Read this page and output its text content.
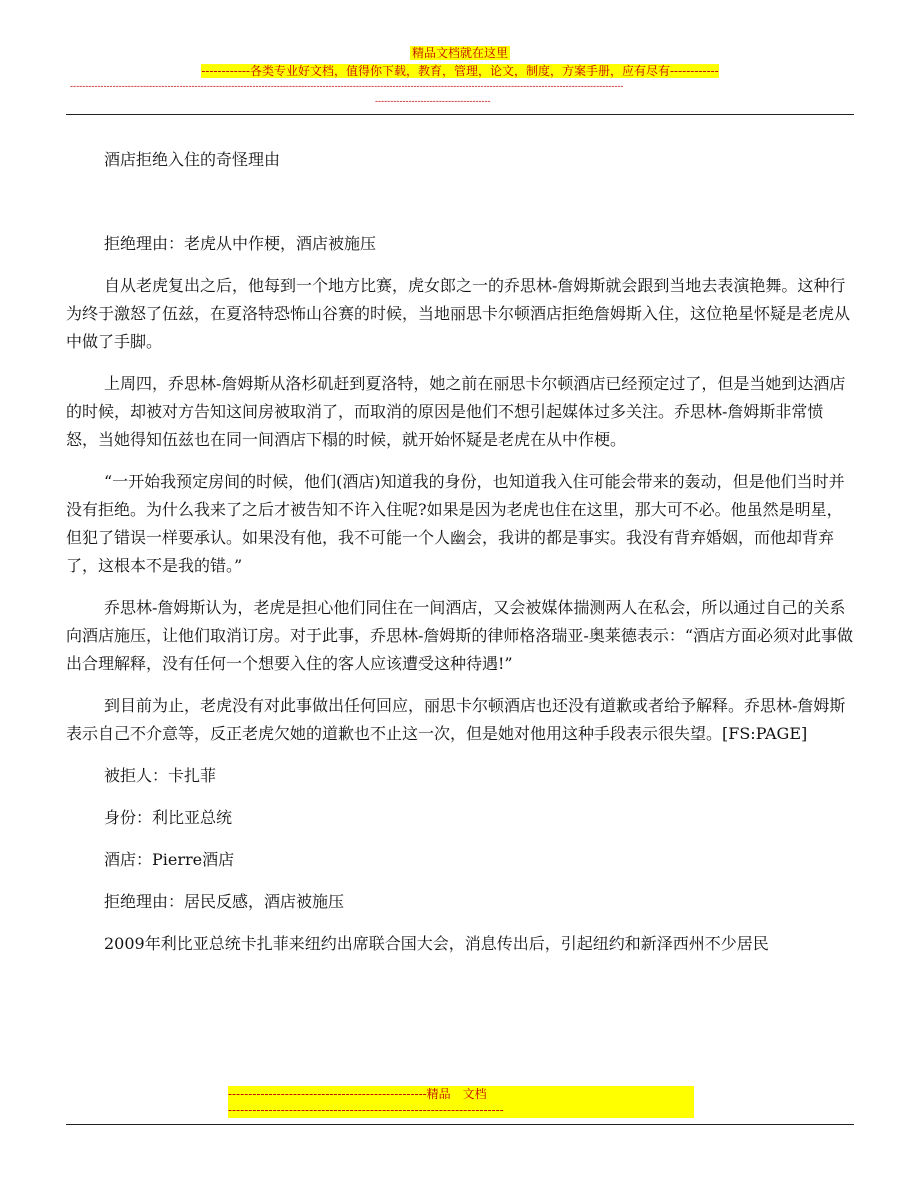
精品文档就在这里
------------各类专业好文档，值得你下载，教育，管理，论文，制度，方案手册，应有尽有------------
--------------------------------------------------------------------------------------------------------------------------------------------------------------------------------------
--------------------------------------

酒店拒绝入住的奇怪理由

拒绝理由：老虎从中作梗，酒店被施压

自从老虎复出之后，他每到一个地方比赛，虎女郎之一的乔思林-詹姆斯就会跟到当地去表演艳舞。这种行为终于激怒了伍兹，在夏洛特恐怖山谷赛的时候，当地丽思卡尔顿酒店拒绝詹姆斯入住，这位艳星怀疑是老虎从中做了手脚。

上周四，乔思林-詹姆斯从洛杉矶赶到夏洛特，她之前在丽思卡尔顿酒店已经预定过了，但是当她到达酒店的时候，却被对方告知这间房被取消了，而取消的原因是他们不想引起媒体过多关注。乔思林-詹姆斯非常愤怒，当她得知伍兹也在同一间酒店下榻的时候，就开始怀疑是老虎在从中作梗。

“一开始我预定房间的时候，他们(酒店)知道我的身份，也知道我入住可能会带来的轰动，但是他们当时并没有拒绝。为什么我来了之后才被告知不许入住呢?如果是因为老虎也住在这里，那大可不必。他虽然是明星，但犯了错误一样要承认。如果没有他，我不可能一个人幽会，我讲的都是事实。我没有背弃婚姻，而他却背弃了，这根本不是我的错。”

乔思林-詹姆斯认为，老虎是担心他们同住在一间酒店，又会被媒体揣测两人在私会，所以通过自己的关系向酒店施压，让他们取消订房。对于此事，乔思林-詹姆斯的律师格洛瑞亚-奥莱德表示：“酒店方面必须对此事做出合理解释，没有任何一个想要入住的客人应该遭受这种待遇!”

到目前为止，老虎没有对此事做出任何回应，丽思卡尔顿酒店也还没有道歉或者给予解释。乔思林-詹姆斯表示自己不介意等，反正老虎欠她的道歉也不止这一次，但是她对他用这种手段表示很失望。[FS:PAGE]

被拒人：卡扎菲

身份：利比亚总统

酒店：Pierre酒店

拒绝理由：居民反感，酒店被施压

2009年利比亚总统卡扎菲来纽约出席联合国大会，消息传出后，引起纽约和新泽西州不少居民

-------------------------------------------------精品　文档
--------------------------------------------------------------------
